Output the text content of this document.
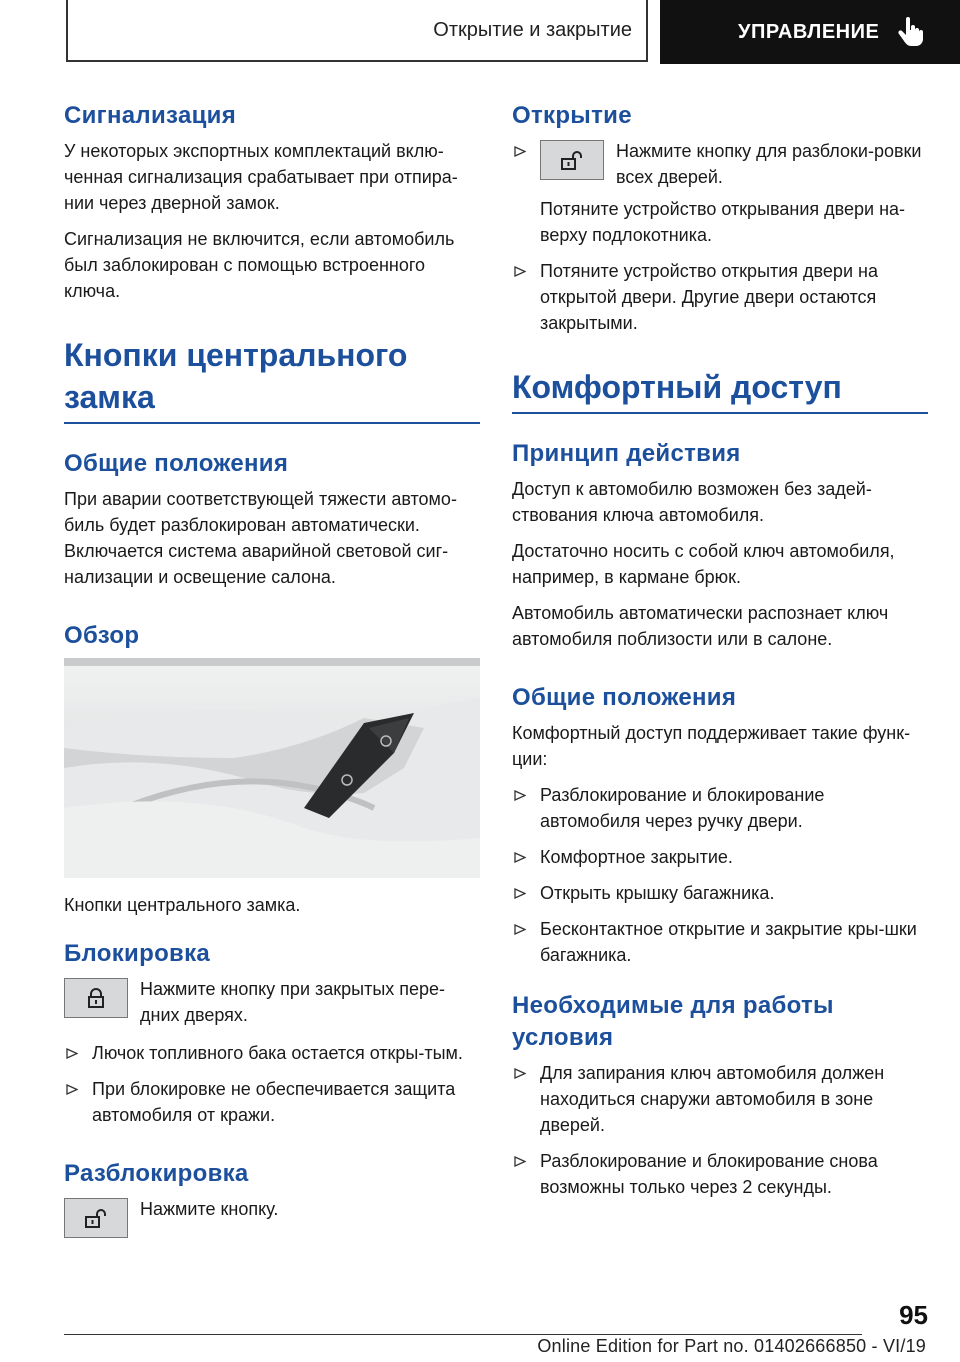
Открытие и закрытие	УПРАВЛЕНИЕ
Сигнализация

У некоторых экспортных комплектаций вклю-ченная сигнализация срабатывает при отпира-нии через дверной замок.

Сигнализация не включится, если автомобиль был заблокирован с помощью встроенного ключа.

Кнопки центрального замка
Общие положения

При аварии соответствующей тяжести автомо-биль будет разблокирован автоматически. Включается система аварийной световой сиг-нализации и освещение салона.

Обзор

Кнопки центрального замка.

Блокировка
Нажмите кнопку при закрытых пере-дних дверях.
Лючок топливного бака остается откры-тым.
При блокировке не обеспечивается защита автомобиля от кражи.
Разблокировка
Нажмите кнопку.
Открытие
Нажмите кнопку для разблоки-ровки всех дверей.
Потяните устройство открывания двери на-верху подлокотника.
Потяните устройство открытия двери на открытой двери. Другие двери остаются закрытыми.
Комфортный доступ
Принцип действия

Доступ к автомобилю возможен без задей-ствования ключа автомобиля.

Достаточно носить с собой ключ автомобиля, например, в кармане брюк.

Автомобиль автоматически распознает ключ автомобиля поблизости или в салоне.

Общие положения

Комфортный доступ поддерживает такие функ-ции:

Разблокирование и блокирование автомобиля через ручку двери.
Комфортное закрытие.
Открыть крышку багажника.
Бесконтактное открытие и закрытие кры-шки багажника.
Необходимые для работы условия
Для запирания ключ автомобиля должен находиться снаружи автомобиля в зоне дверей.
Разблокирование и блокирование снова возможны только через 2 секунды.
95
Online Edition for Part no. 01402666850 - VI/19
